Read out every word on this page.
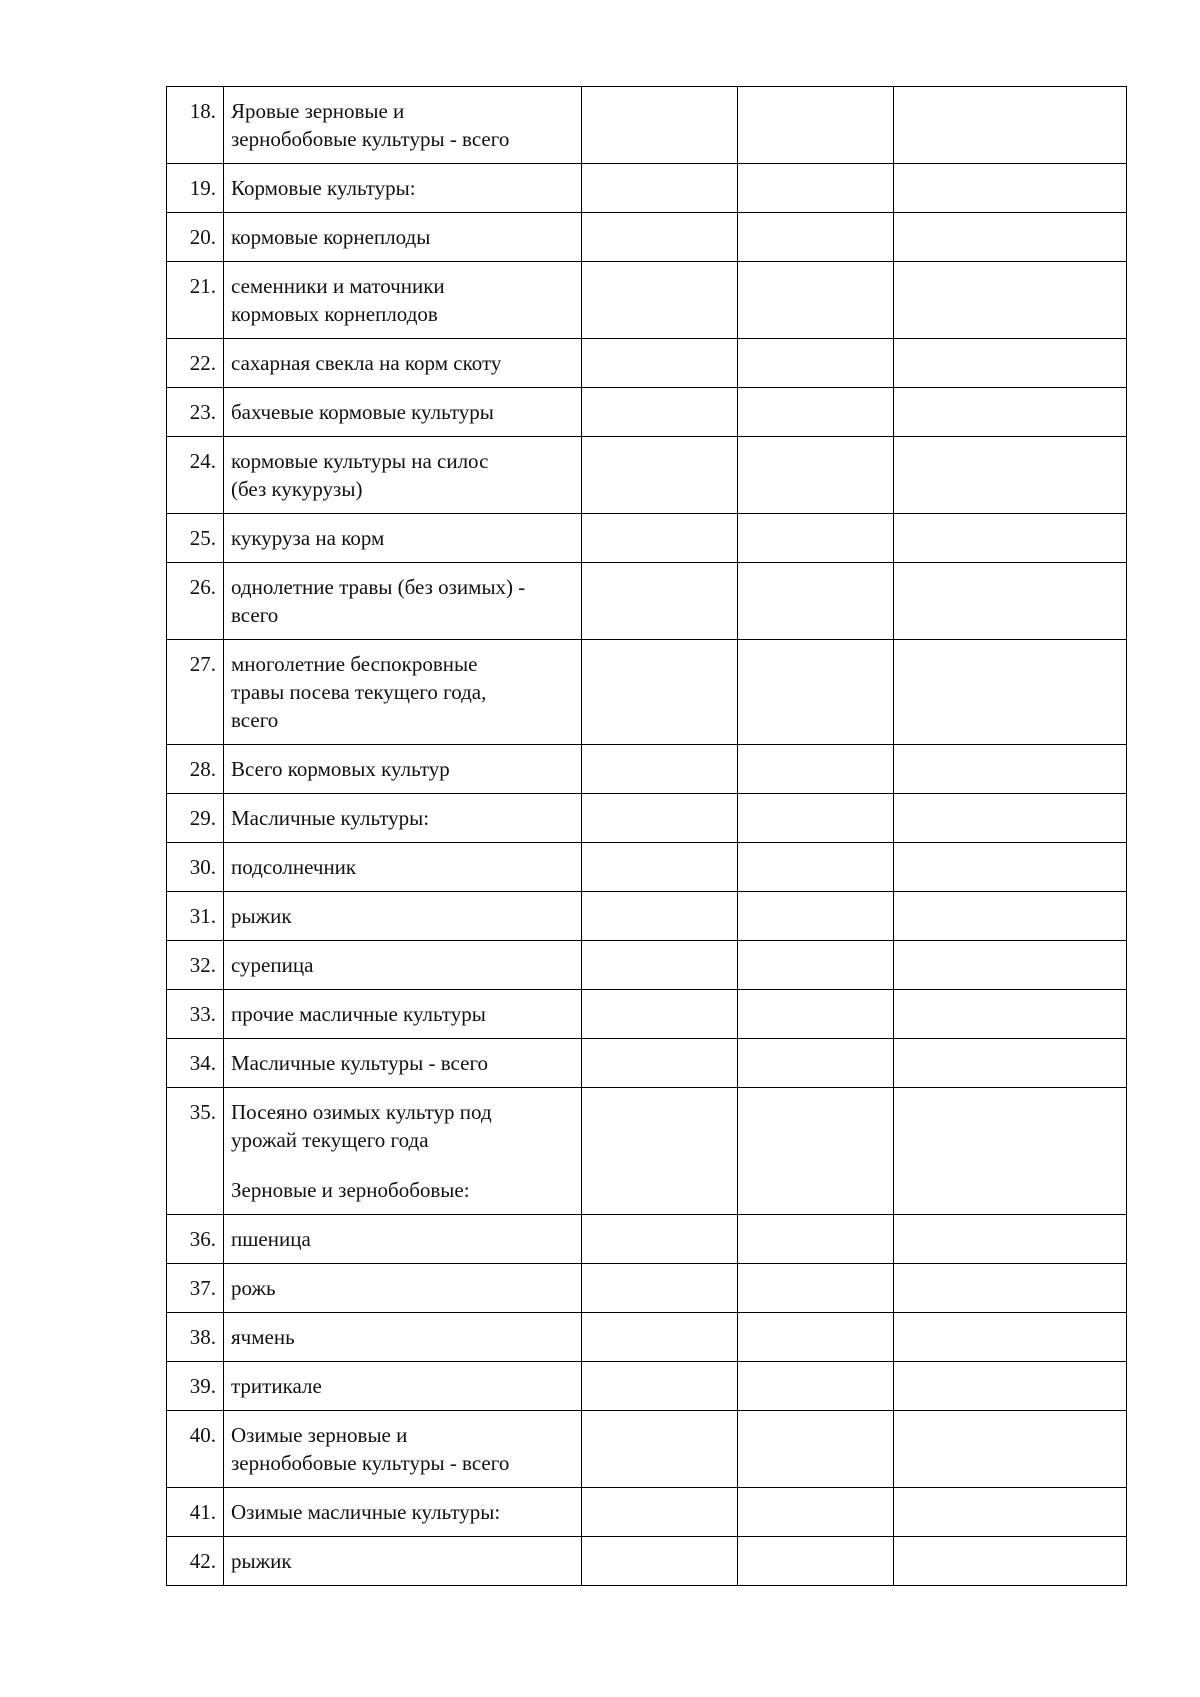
18.	Яровые зерновые и
зернобобовые культуры - всего			

19.	Кормовые культуры:			

20.	кормовые корнеплоды			

21.	семенники и маточники
кормовых корнеплодов			

22.	сахарная свекла на корм скоту			

23.	бахчевые кормовые культуры			

24.	кормовые культуры на силос
(без кукурузы)			

25.	кукуруза на корм			

26.	однолетние травы (без озимых) -
всего			

27.	многолетние беспокровные
травы посева текущего года,
всего			

28.	Всего кормовых культур			

29.	Масличные культуры:			

30.	подсолнечник			

31.	рыжик			

32.	сурепица			

33.	прочие масличные культуры			

34.	Масличные культуры - всего			

35.	Посеяно озимых культур под
урожай текущего года
Зерновые и зернобобовые:			

36.	пшеница			

37.	рожь			

38.	ячмень			

39.	тритикале			

40.	Озимые зерновые и
зернобобовые культуры - всего			

41.	Озимые масличные культуры:			

42.	рыжик			
